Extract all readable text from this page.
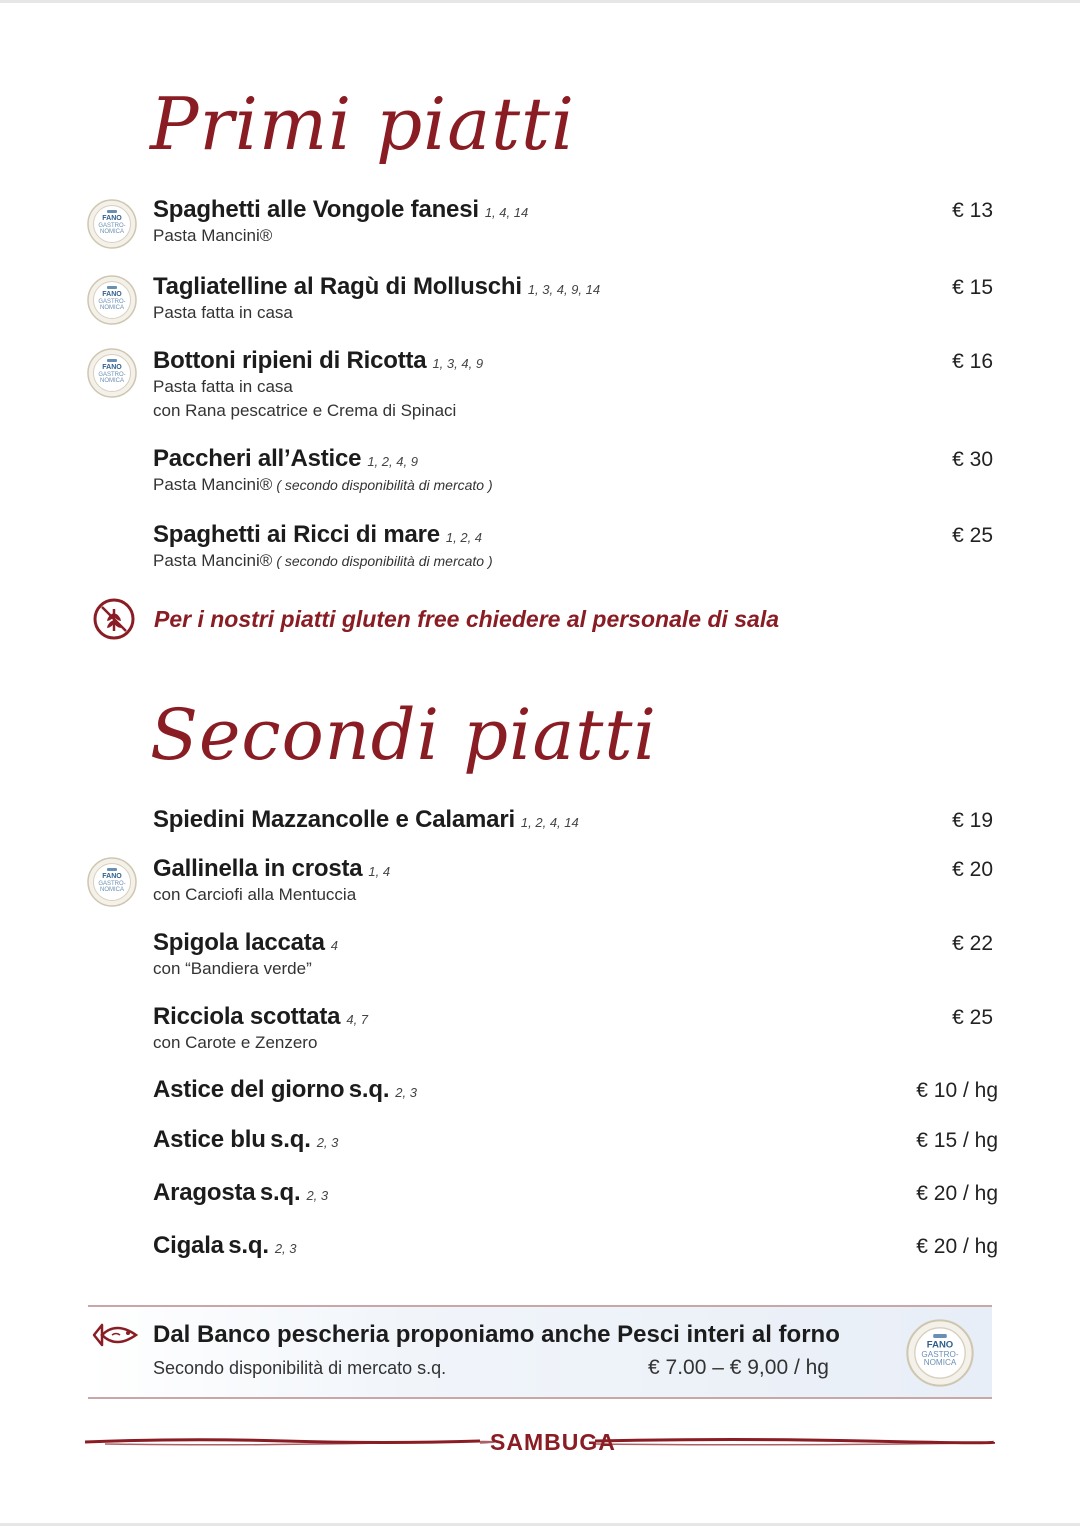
Primi piatti
FANO
GASTRO-
NOMICA
FANO
GASTRO-
NOMICA
FANO
GASTRO-
NOMICA
Spaghetti alle Vongole fanesi 1, 4, 14	€ 13
Pasta Mancini®
Tagliatelline al Ragù di Molluschi 1, 3, 4, 9, 14	€ 15
Pasta fatta in casa
Bottoni ripieni di Ricotta 1, 3, 4, 9	€ 16
Pasta fatta in casa
con Rana pescatrice e Crema di Spinaci
Paccheri all’Astice 1, 2, 4, 9	€ 30
Pasta Mancini® ( secondo disponibilità di mercato )
Spaghetti ai Ricci di mare 1, 2, 4	€ 25
Pasta Mancini® ( secondo disponibilità di mercato )
Per i nostri piatti gluten free chiedere al personale di sala
Secondi piatti
FANO
GASTRO-
NOMICA
Spiedini Mazzancolle e Calamari 1, 2, 4, 14	€ 19
Gallinella in crosta 1, 4	€ 20
con Carciofi alla Mentuccia
Spigola laccata 4	€ 22
con “Bandiera verde”
Ricciola scottata 4, 7	€ 25
con Carote e Zenzero
Astice del giorno s.q. 2, 3	€ 10 / hg
Astice blu s.q. 2, 3	€ 15 / hg
Aragosta s.q. 2, 3	€ 20 / hg
Cigala s.q. 2, 3	€ 20 / hg
Dal Banco pescheria proponiamo anche Pesci interi al forno
Secondo disponibilità di mercato s.q.	€ 7.00 – € 9,00 / hg
FANO
GASTRO-
NOMICA
SAMBUGA
